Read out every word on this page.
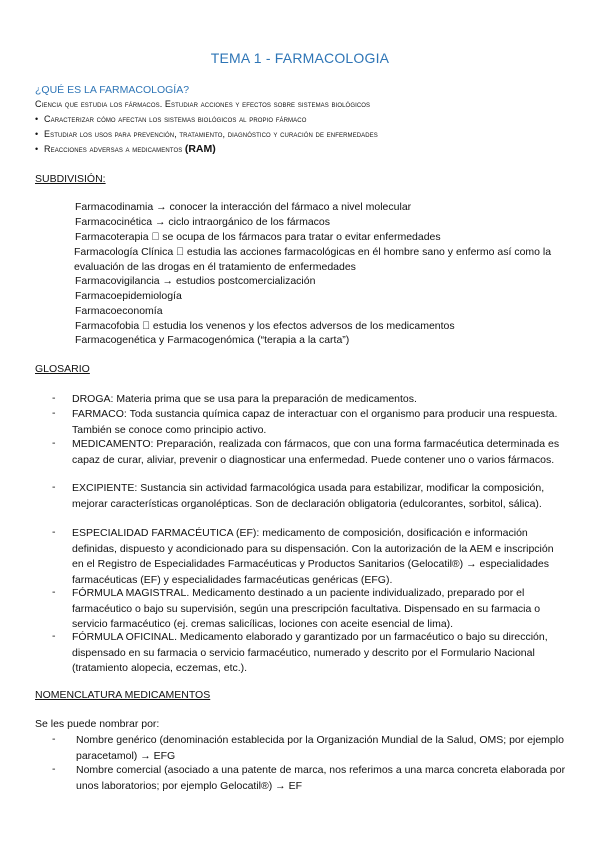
TEMA 1 - FARMACOLOGIA
¿QUÉ ES LA FARMACOLOGÍA?
Ciencia que estudia los fármacos. Estudiar acciones y efectos sobre sistemas biológicos
• Caracterizar cómo afectan los sistemas biológicos al propio fármaco
• Estudiar los usos para prevención, tratamiento, diagnóstico y curación de enfermedades
• Reacciones adversas a medicamentos (RAM)
SUBDIVISIÓN:
Farmacodinamia → conocer la interacción del fármaco a nivel molecular
Farmacocinética → ciclo intraorgánico de los fármacos
Farmacoterapia se ocupa de los fármacos para tratar o evitar enfermedades
Farmacología Clínica estudia las acciones farmacológicas en él hombre sano y enfermo así como la evaluación de las drogas en él tratamiento de enfermedades
Farmacovigilancia → estudios postcomercialización
Farmacoepidemiología
Farmacoeconomía
Farmacofobia estudia los venenos y los efectos adversos de los medicamentos
Farmacogenética y Farmacogenómica (“terapia a la carta”)
GLOSARIO
- DROGA: Materia prima que se usa para la preparación de medicamentos.
- FARMACO: Toda sustancia química capaz de interactuar con el organismo para producir una respuesta. También se conoce como principio activo.
- MEDICAMENTO: Preparación, realizada con fármacos, que con una forma farmacéutica determinada es capaz de curar, aliviar, prevenir o diagnosticar una enfermedad. Puede contener uno o varios fármacos.
- EXCIPIENTE: Sustancia sin actividad farmacológica usada para estabilizar, modificar la composición, mejorar características organolépticas. Son de declaración obligatoria (edulcorantes, sorbitol, sálica).
- ESPECIALIDAD FARMACÉUTICA (EF): medicamento de composición, dosificación e información definidas, dispuesto y acondicionado para su dispensación. Con la autorización de la AEM e inscripción en el Registro de Especialidades Farmacéuticas y Productos Sanitarios (Gelocatil®) → especialidades farmacéuticas (EF) y especialidades farmacéuticas genéricas (EFG).
- FÓRMULA MAGISTRAL. Medicamento destinado a un paciente individualizado, preparado por el farmacéutico o bajo su supervisión, según una prescripción facultativa. Dispensado en su farmacia o servicio farmacéutico (ej. cremas salicílicas, lociones con aceite esencial de lima).
- FÓRMULA OFICINAL. Medicamento elaborado y garantizado por un farmacéutico o bajo su dirección, dispensado en su farmacia o servicio farmacéutico, numerado y descrito por el Formulario Nacional (tratamiento alopecia, eczemas, etc.).
NOMENCLATURA MEDICAMENTOS
Se les puede nombrar por:
- Nombre genérico (denominación establecida por la Organización Mundial de la Salud, OMS; por ejemplo paracetamol) → EFG
- Nombre comercial (asociado a una patente de marca, nos referimos a una marca concreta elaborada por unos laboratorios; por ejemplo Gelocatil®) → EF
